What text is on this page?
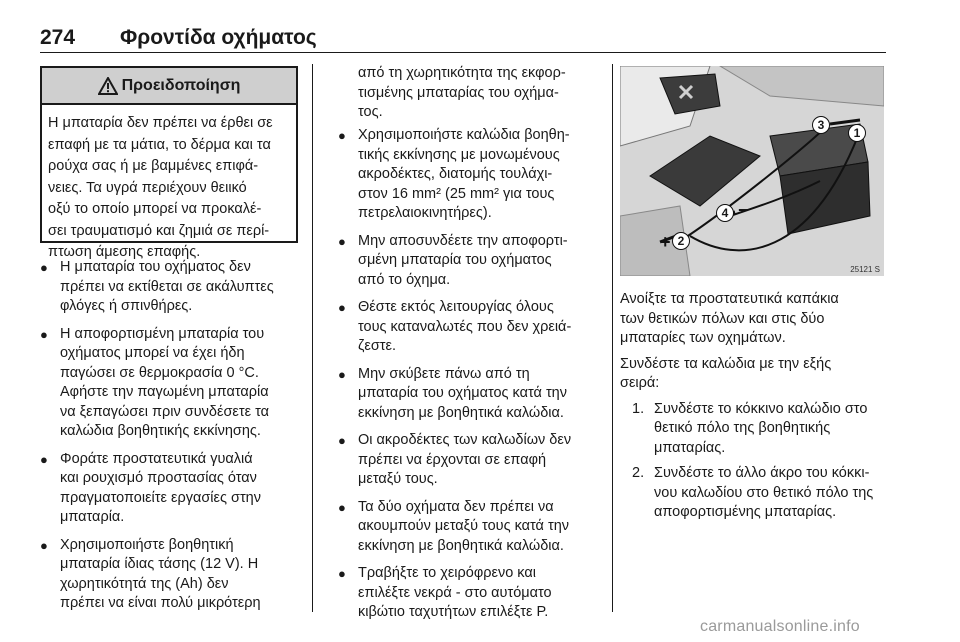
274 Φροντίδα οχήματος
Προειδοποίηση
Η μπαταρία δεν πρέπει να έρθει σε
επαφή με τα μάτια, το δέρμα και τα
ρούχα σας ή με βαμμένες επιφά-
νειες. Τα υγρά περιέχουν θειικό
οξύ το οποίο μπορεί να προκαλέ-
σει τραυματισμό και ζημιά σε περί-
πτωση άμεσης επαφής.
● Η μπαταρία του οχήματος δεν
πρέπει να εκτίθεται σε ακάλυπτες
φλόγες ή σπινθήρες.
● Η αποφορτισμένη μπαταρία του
οχήματος μπορεί να έχει ήδη
παγώσει σε θερμοκρασία 0 °C.
Αφήστε την παγωμένη μπαταρία
να ξεπαγώσει πριν συνδέσετε τα
καλώδια βοηθητικής εκκίνησης.
● Φοράτε προστατευτικά γυαλιά
και ρουχισμό προστασίας όταν
πραγματοποιείτε εργασίες στην
μπαταρία.
● Χρησιμοποιήστε βοηθητική
μπαταρία ίδιας τάσης (12 V). Η
χωρητικότητά της (Ah) δεν
πρέπει να είναι πολύ μικρότερη
από τη χωρητικότητα της εκφορ-
τισμένης μπαταρίας του οχήμα-
τος.
● Χρησιμοποιήστε καλώδια βοηθη-
τικής εκκίνησης με μονωμένους
ακροδέκτες, διατομής τουλάχι-
στον 16 mm² (25 mm² για τους
πετρελαιοκινητήρες).
● Μην αποσυνδέετε την αποφορτι-
σμένη μπαταρία του οχήματος
από το όχημα.
● Θέστε εκτός λειτουργίας όλους
τους καταναλωτές που δεν χρειά-
ζεστε.
● Μην σκύβετε πάνω από τη
μπαταρία του οχήματος κατά την
εκκίνηση με βοηθητικά καλώδια.
● Οι ακροδέκτες των καλωδίων δεν
πρέπει να έρχονται σε επαφή
μεταξύ τους.
● Τα δύο οχήματα δεν πρέπει να
ακουμπούν μεταξύ τους κατά την
εκκίνηση με βοηθητικά καλώδια.
● Τραβήξτε το χειρόφρενο και
επιλέξτε νεκρά - στο αυτόματο
κιβώτιο ταχυτήτων επιλέξτε P.
+
−
1
2
3
4
25121 S

Ανοίξτε τα προστατευτικά καπάκια
των θετικών πόλων και στις δύο
μπαταρίες των οχημάτων.

Συνδέστε τα καλώδια με την εξής
σειρά:

1. Συνδέστε το κόκκινο καλώδιο στο
θετικό πόλο της βοηθητικής
μπαταρίας.
2. Συνδέστε το άλλο άκρο του κόκκι-
νου καλωδίου στο θετικό πόλο της
αποφορτισμένης μπαταρίας.
carmanualsonline.info
